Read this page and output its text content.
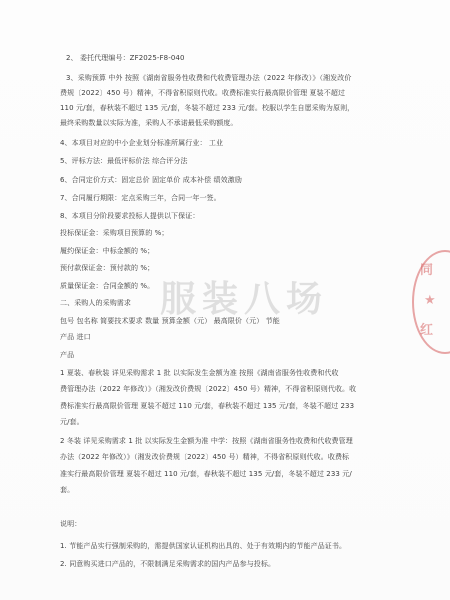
2、 委托代理编号：ZF2025-F8-040
3、采购预算 中外 按照《湖南省服务性收费和代收费管理办法（2022 年修改）》（湘发改价
费规〔2022〕450 号）精神，不得省积原则代收。收费标准实行最高限价管理 夏装不超过
110 元/套，春秋装不超过 135 元/套，冬装不超过 233 元/套。校服以学生自愿采购为原则，
最终采购数量以实际为准，采购人不承诺最低采购额度。
4、本项目对应的中小企业划分标准所属行业： 工业
5、评标方法：最低评标价法 综合评分法
6、合同定价方式：固定总价 固定单价 成本补偿 绩效激励
7、合同履行期限：定点采购三年，合同一年一签。
8、本项目分阶段要求投标人提供以下保证：
投标保证金：采购项目预算的 %；
履约保证金：中标金额的 %；
预付款保证金：预付款的 %；
质量保证金：合同金额的 %。
二、采购人的采购需求
包号 包名称 简要技术要求 数量 预算金额（元） 最高限价（元） 节能
产品 进口
产品
1 夏装、春秋装 详见采购需求 1 批 以实际发生金额为准 按照《湖南省服务性收费和代收
费管理办法（2022 年修改）》（湘发改价费规〔2022〕450 号）精神，不得省积原则代收。收
费标准实行最高限价管理 夏装不超过 110 元/套，春秋装不超过 135 元/套，冬装不超过 233
元/套。
2 冬装 详见采购需求 1 批 以实际发生金额为准 中学：按照《湖南省服务性收费和代收费管理
办法（2022 年修改）》（湘发改价费规〔2022〕450 号）精神，不得省积原则代收。收费标
准实行最高限价管理 夏装不超过 110 元/套，春秋装不超过 135 元/套，冬装不超过 233 元/
套。
说明：
1. 节能产品实行强制采购的，需提供国家认证机构出具的、处于有效期内的节能产品证书。
2. 同意购买进口产品的，不限制满足采购需求的国内产品参与投标。
服装八场
同
★
红
